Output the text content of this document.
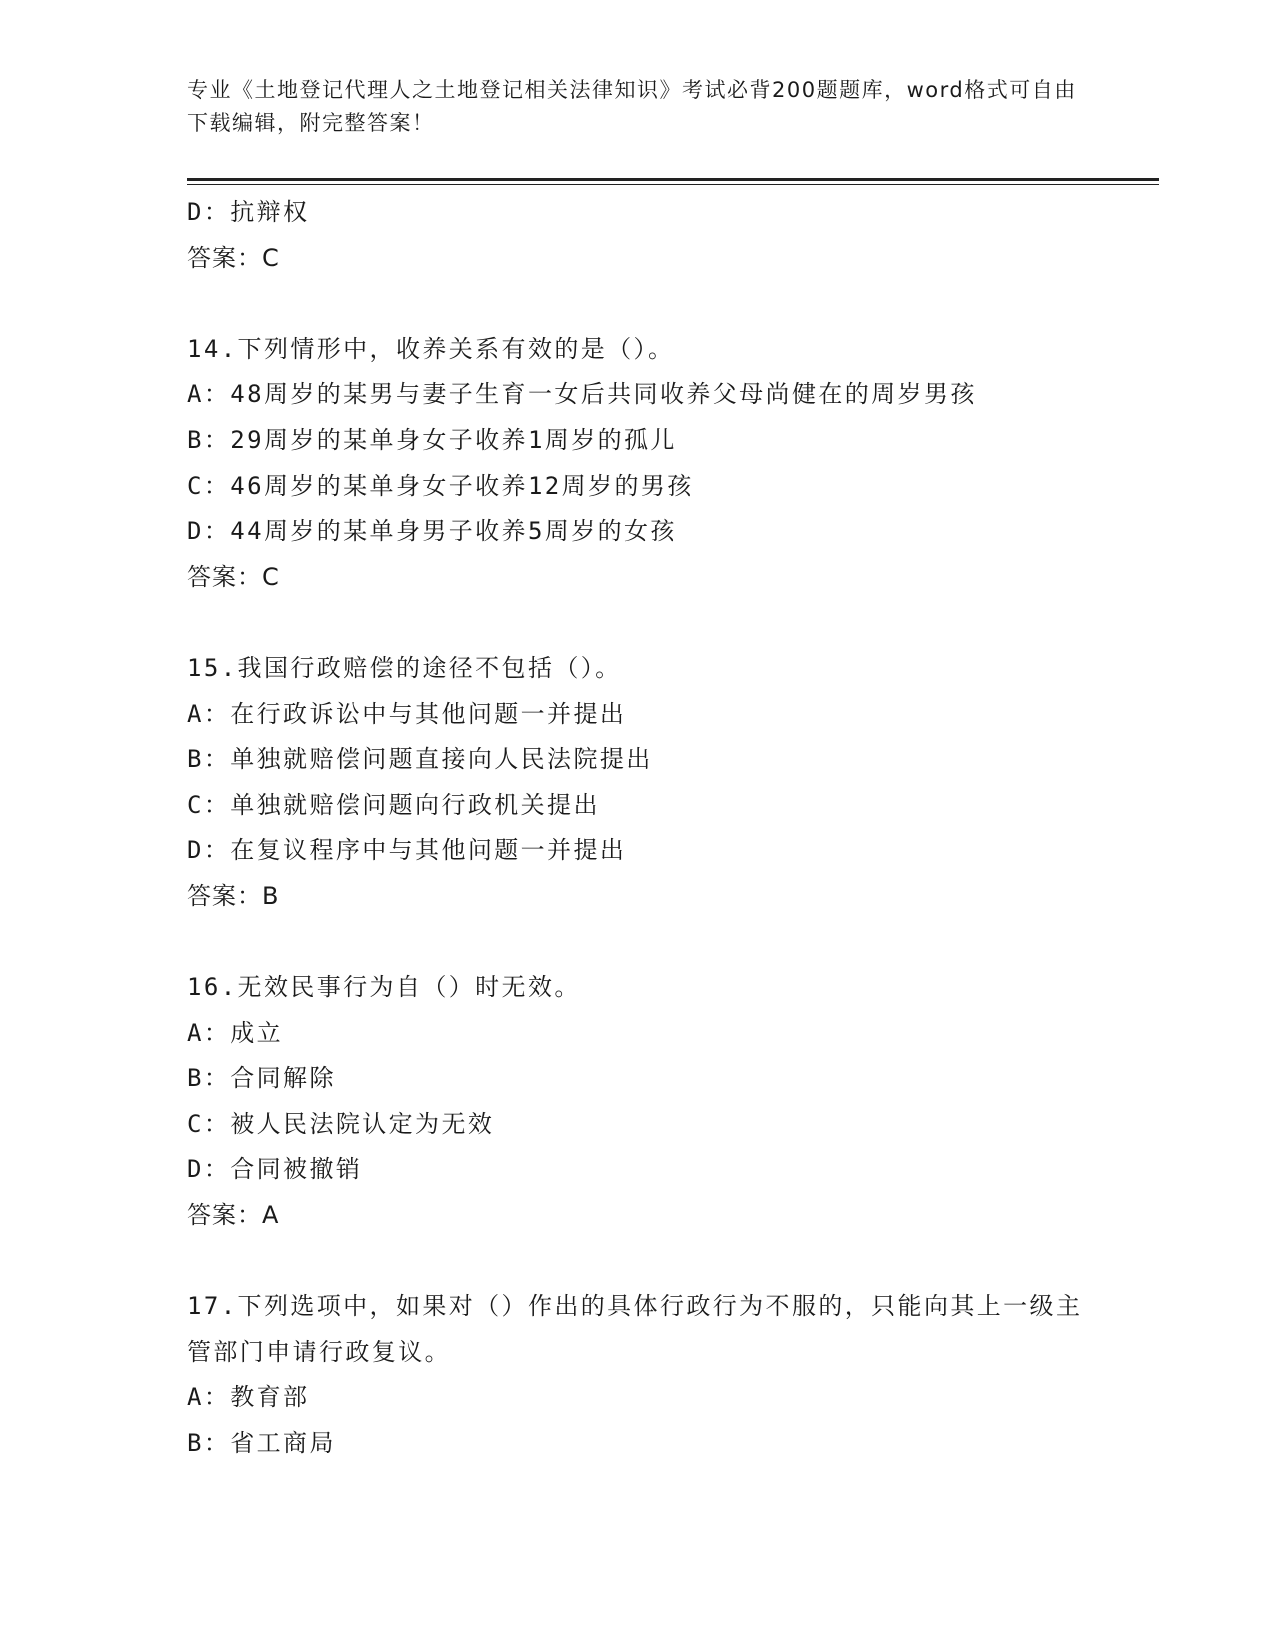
专业《土地登记代理人之土地登记相关法律知识》考试必背200题题库，word格式可自由下载编辑，附完整答案！
D：抗辩权
答案：C
14.下列情形中，收养关系有效的是（）。
A：48周岁的某男与妻子生育一女后共同收养父母尚健在的周岁男孩
B：29周岁的某单身女子收养1周岁的孤儿
C：46周岁的某单身女子收养12周岁的男孩
D：44周岁的某单身男子收养5周岁的女孩
答案：C
15.我国行政赔偿的途径不包括（）。
A：在行政诉讼中与其他问题一并提出
B：单独就赔偿问题直接向人民法院提出
C：单独就赔偿问题向行政机关提出
D：在复议程序中与其他问题一并提出
答案：B
16.无效民事行为自（）时无效。
A：成立
B：合同解除
C：被人民法院认定为无效
D：合同被撤销
答案：A
17.下列选项中，如果对（）作出的具体行政行为不服的，只能向其上一级主管部门申请行政复议。
A：教育部
B：省工商局
